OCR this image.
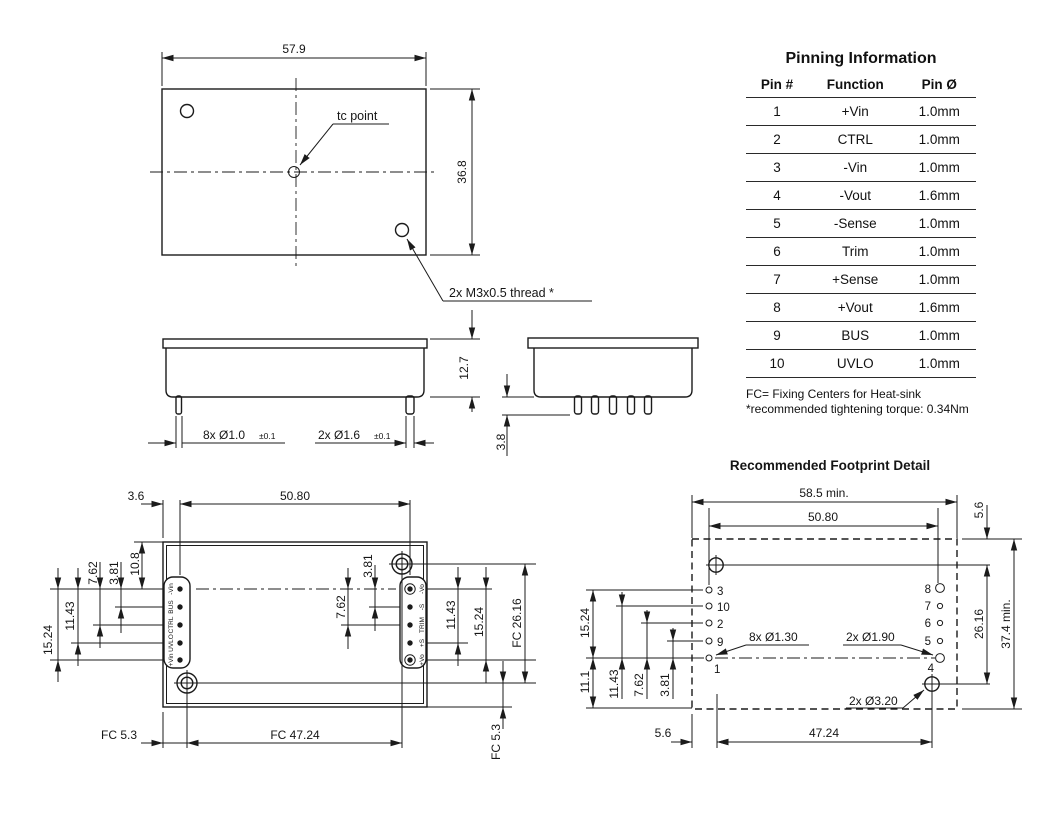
57.9
36.8
tc point
2x M3x0.5 thread *
12.7
8x Ø1.0 ±0.1	2x Ø1.6 ±0.1	3.8
-Vin
BUS
CTRL
UVLO
+Vin
-Vo
-S
TRIM
+S
+Vo
3.6	50.80
15.24
11.43
7.62 3.81 10.8	3.81
7.62	11.43 15.24 FC 26.16
FC 5.3
FC 5.3	FC 47.24
Recommended Footprint Detail
3
10
2
9
1
8
7
6
5
4
58.5 min.
50.80
15.24
11.1 11.43 7.62 3.81
5.6
26.16 37.4 min.
5.6	47.24
8x Ø1.30	2x Ø1.90
2x Ø3.20
Pinning Information
Pin #	Function	Pin Ø
1	+Vin	1.0mm
2	CTRL	1.0mm
3	-Vin	1.0mm
4	-Vout	1.6mm
5	-Sense	1.0mm
6	Trim	1.0mm
7	+Sense	1.0mm
8	+Vout	1.6mm
9	BUS	1.0mm
10	UVLO	1.0mm
FC= Fixing Centers for Heat-sink
*recommended tightening torque: 0.34Nm
